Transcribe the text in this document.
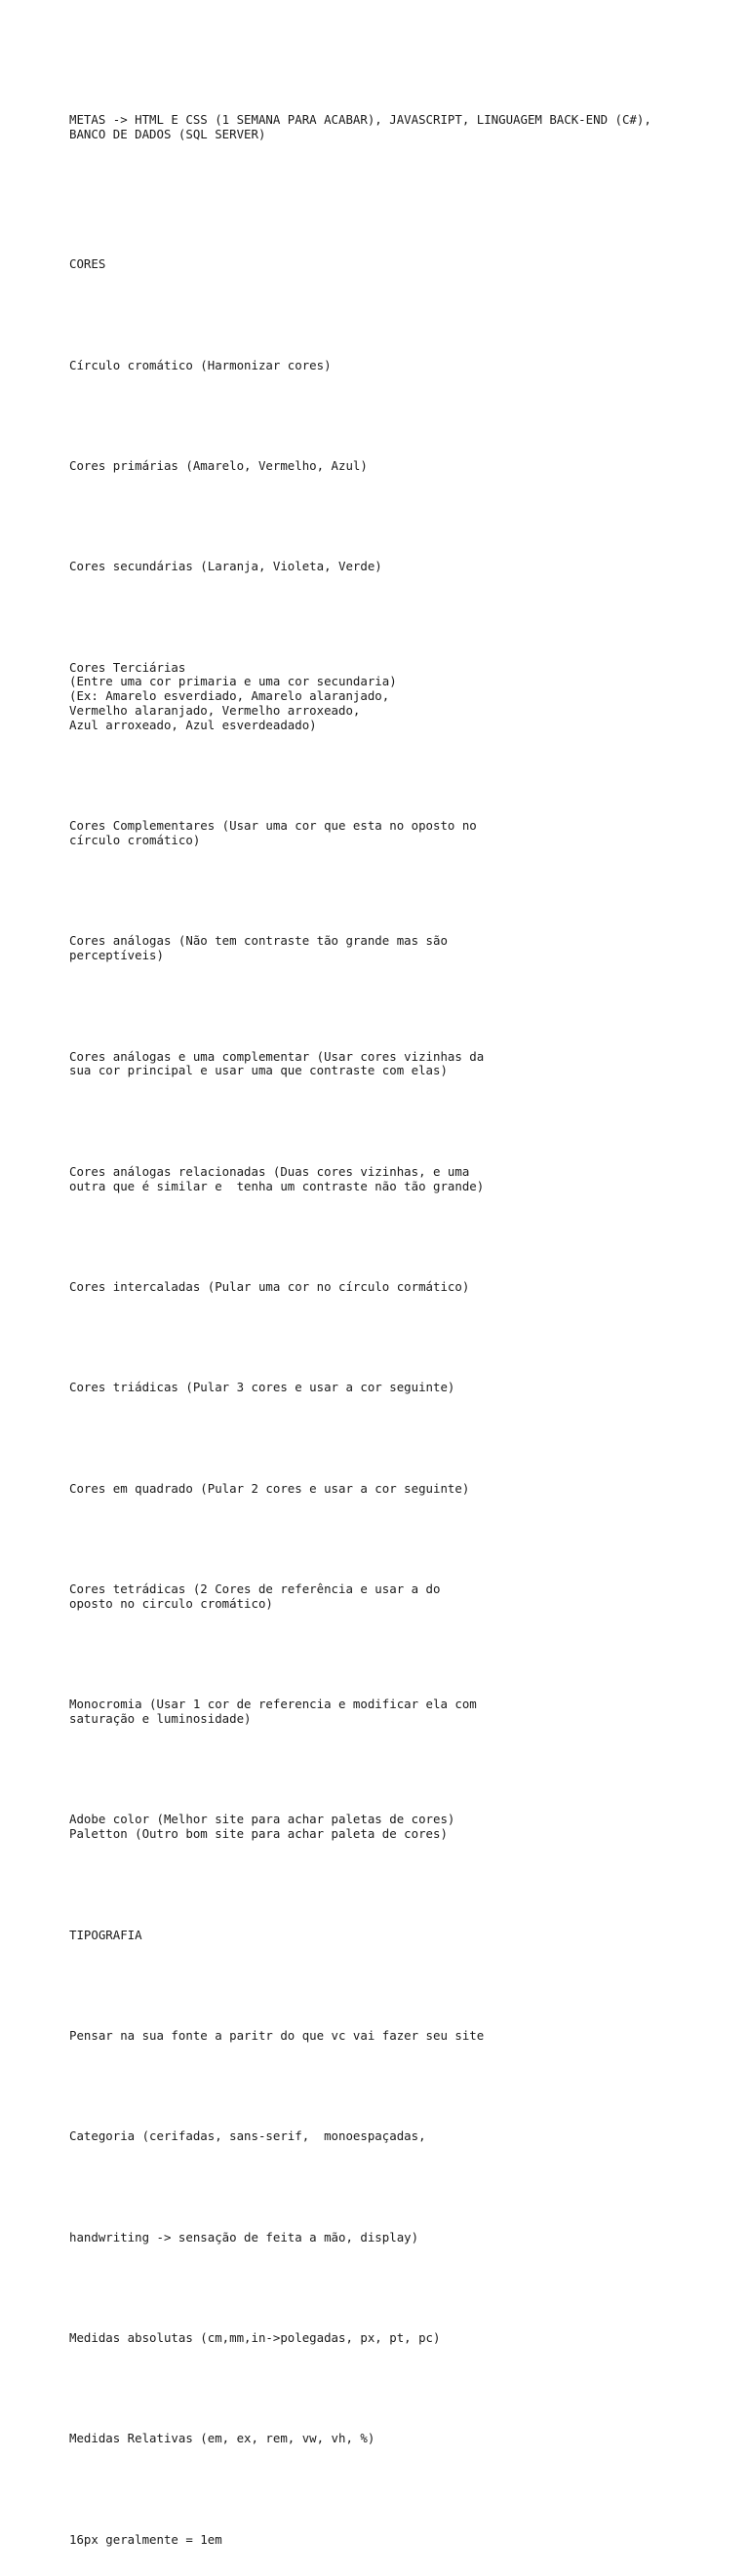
METAS -> HTML E CSS (1 SEMANA PARA ACABAR), JAVASCRIPT, LINGUAGEM BACK-END (C#),
BANCO DE DADOS (SQL SERVER)

CORES

Círculo cromático (Harmonizar cores)

Cores primárias (Amarelo, Vermelho, Azul)

Cores secundárias (Laranja, Violeta, Verde)

Cores Terciárias
(Entre uma cor primaria e uma cor secundaria)
(Ex: Amarelo esverdiado, Amarelo alaranjado,
Vermelho alaranjado, Vermelho arroxeado,
Azul arroxeado, Azul esverdeadado)

Cores Complementares (Usar uma cor que esta no oposto no
círculo cromático)

Cores análogas (Não tem contraste tão grande mas são
perceptíveis)

Cores análogas e uma complementar (Usar cores vizinhas da
sua cor principal e usar uma que contraste com elas)

Cores análogas relacionadas (Duas cores vizinhas, e uma
outra que é similar e  tenha um contraste não tão grande)

Cores intercaladas (Pular uma cor no círculo cormático)

Cores triádicas (Pular 3 cores e usar a cor seguinte)

Cores em quadrado (Pular 2 cores e usar a cor seguinte)

Cores tetrádicas (2 Cores de referência e usar a do
oposto no circulo cromático)

Monocromia (Usar 1 cor de referencia e modificar ela com
saturação e luminosidade)

Adobe color (Melhor site para achar paletas de cores)
Paletton (Outro bom site para achar paleta de cores)

TIPOGRAFIA

Pensar na sua fonte a paritr do que vc vai fazer seu site

Categoria (cerifadas, sans-serif,  monoespaçadas,

handwriting -> sensação de feita a mão, display)

Medidas absolutas (cm,mm,in->polegadas, px, pt, pc)

Medidas Relativas (em, ex, rem, vw, vh, %)

16px geralmente = 1em
